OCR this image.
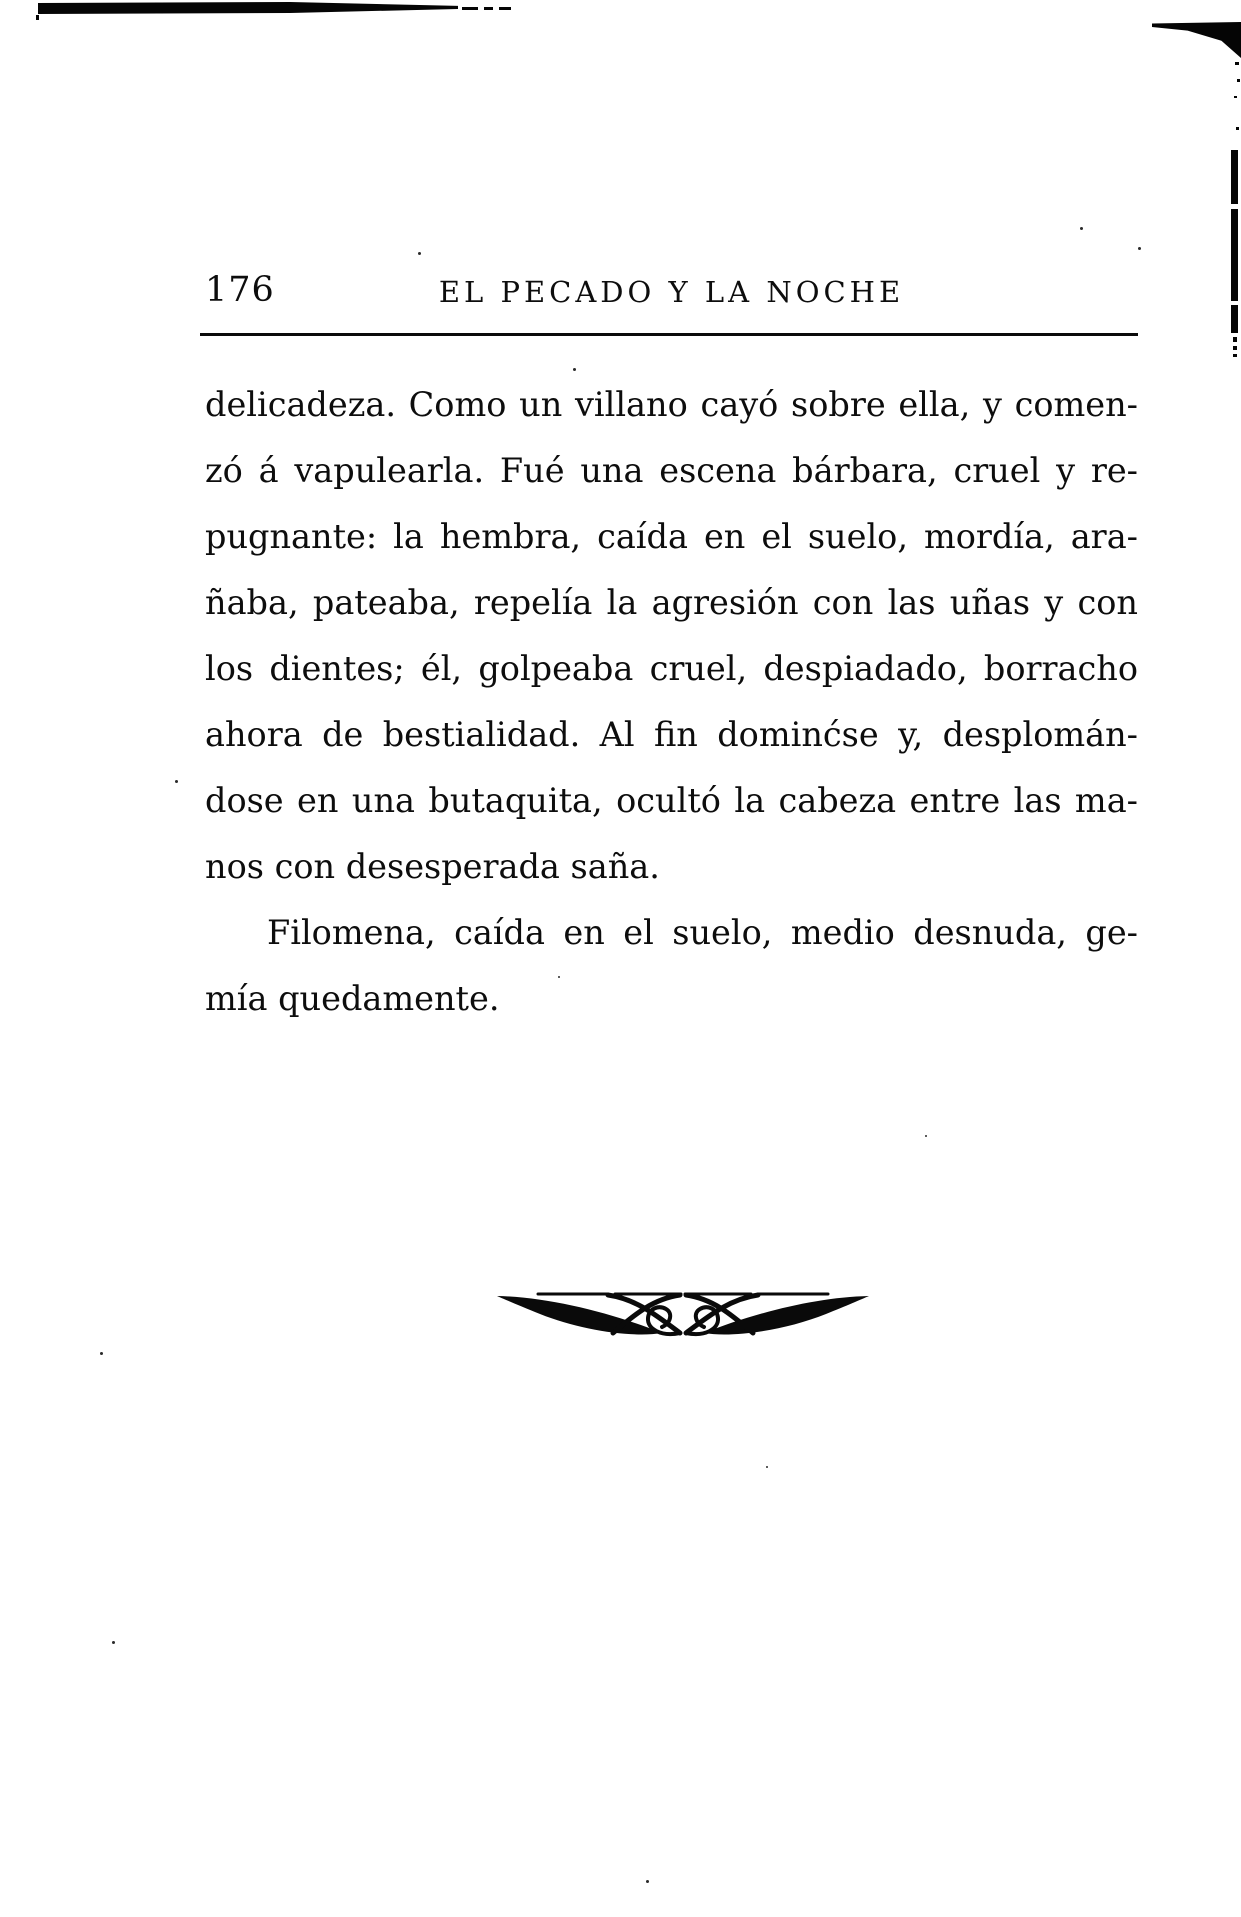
176	EL PECADO Y LA NOCHE
delicadeza. Como un villano cayó sobre ella, y comen-
zó á vapulearla. Fué una escena bárbara, cruel y re-
pugnante: la hembra, caída en el suelo, mordía, ara-
ñaba, pateaba, repelía la agresión con las uñas y con
los dientes; él, golpeaba cruel, despiadado, borracho
ahora de bestialidad. Al fin dominćse y, desplomán-
dose en una butaquita, ocultó la cabeza entre las ma-
nos con desesperada saña.
Filomena, caída en el suelo, medio desnuda, ge-
mía quedamente.
